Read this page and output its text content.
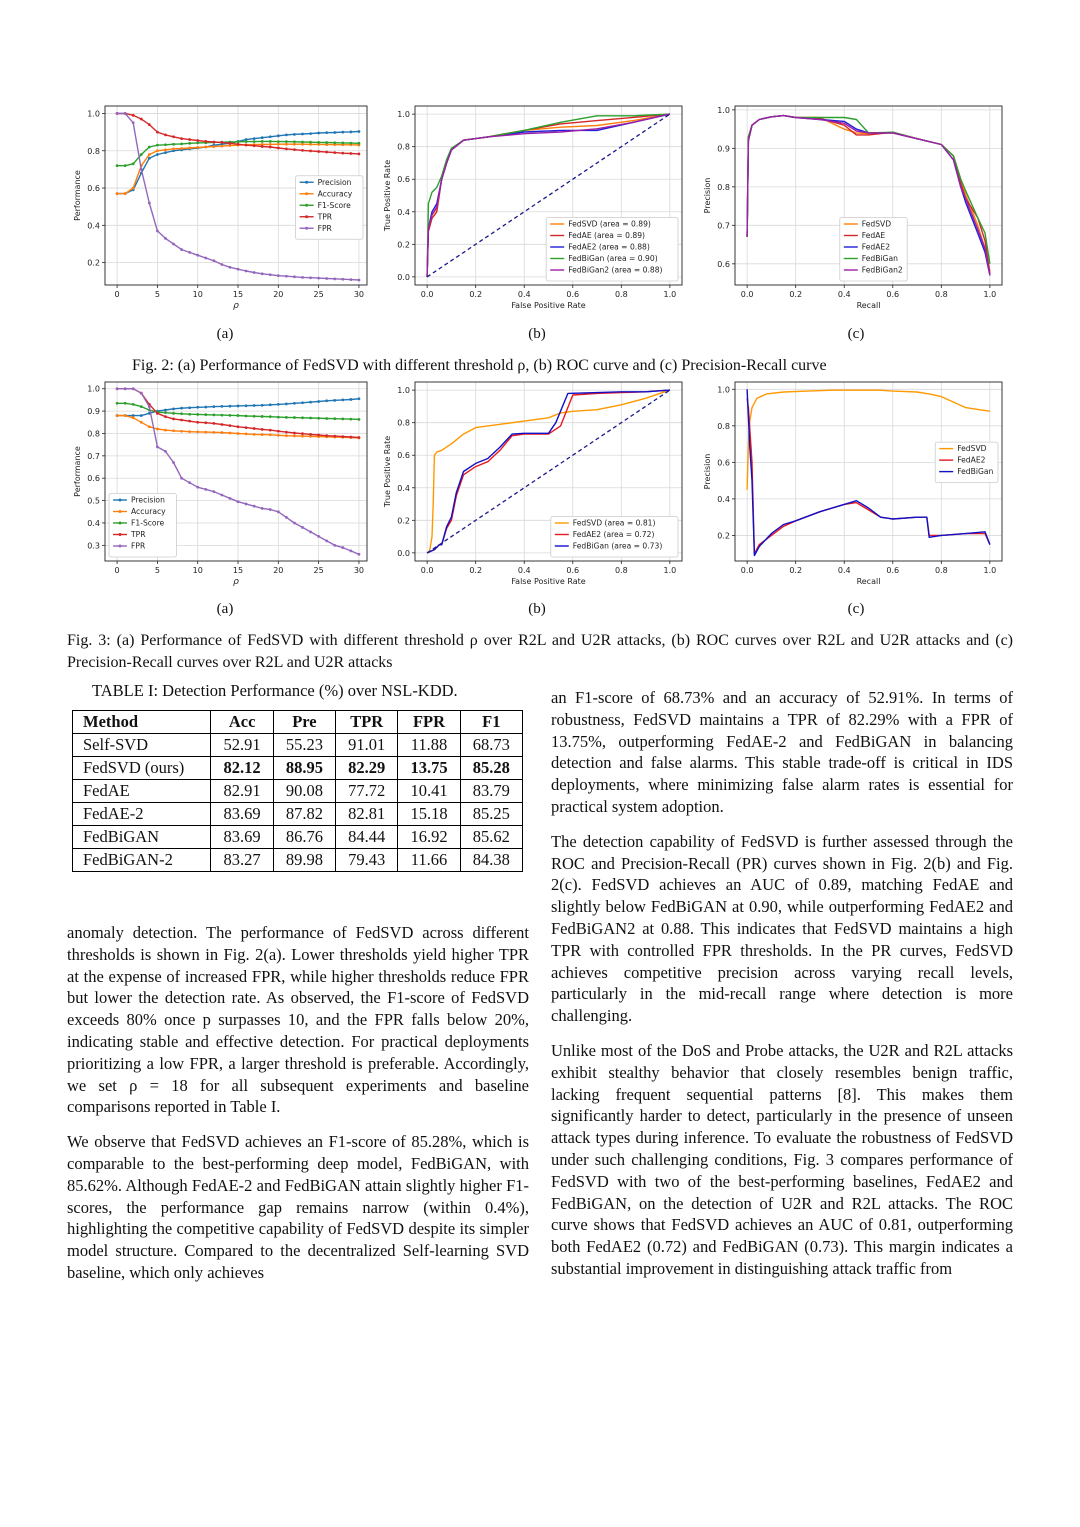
0	5	10	15	20	25	30
0.2
0.4
0.6
0.8
1.0
ρ
Performance	Precision
Accuracy
F1-Score
TPR
FPR
0.0	0.2	0.4	0.6	0.8	1.0
0.0
0.2
0.4
0.6
0.8
1.0
False Positive Rate
True Positive Rate	FedSVD (area = 0.89)
FedAE (area = 0.89)
FedAE2 (area = 0.88)
FedBiGan (area = 0.90)
FedBiGan2 (area = 0.88)
0.0	0.2	0.4	0.6	0.8	1.0
0.6
0.7
0.8
0.9
1.0
Recall
Precision
FedSVD
FedAE
FedAE2
FedBiGan
FedBiGan2
(a)	(b)	(c)
Fig. 2: (a) Performance of FedSVD with different threshold ρ, (b) ROC curve and (c) Precision-Recall curve
0	5	10	15	20	25	30
0.3
0.4
0.5
0.6
0.7
0.8
0.9
1.0
ρ
Performance
Precision
Accuracy
F1-Score
TPR
FPR
0.0	0.2	0.4	0.6	0.8	1.0
0.0
0.2
0.4
0.6
0.8
1.0
False Positive Rate
True Positive Rate
FedSVD (area = 0.81)
FedAE2 (area = 0.72)
FedBiGan (area = 0.73)
0.0	0.2	0.4	0.6	0.8	1.0
0.2
0.4
0.6
0.8
1.0
Recall
Precision
FedSVD
FedAE2
FedBiGan
(a)	(b)	(c)
Fig. 3: (a) Performance of FedSVD with different threshold ρ over R2L and U2R attacks, (b) ROC curves over R2L and U2R attacks and (c) Precision-Recall curves over R2L and U2R attacks
TABLE I: Detection Performance (%) over NSL-KDD.
Method	Acc	Pre	TPR	FPR	F1
Self-SVD	52.91	55.23	91.01	11.88	68.73
FedSVD (ours)	82.12	88.95	82.29	13.75	85.28
FedAE	82.91	90.08	77.72	10.41	83.79
FedAE-2	83.69	87.82	82.81	15.18	85.25
FedBiGAN	83.69	86.76	84.44	16.92	85.62
FedBiGAN-2	83.27	89.98	79.43	11.66	84.38

anomaly detection. The performance of FedSVD across different thresholds is shown in Fig. 2(a). Lower thresholds yield higher TPR at the expense of increased FPR, while higher thresholds reduce FPR but lower the detection rate. As observed, the F1-score of FedSVD exceeds 80% once p surpasses 10, and the FPR falls below 20%, indicating stable and effective detection. For practical deployments prioritizing a low FPR, a larger threshold is preferable. Accordingly, we set ρ = 18 for all subsequent experiments and baseline comparisons reported in Table I.

We observe that FedSVD achieves an F1-score of 85.28%, which is comparable to the best-performing deep model, FedBiGAN, with 85.62%. Although FedAE-2 and FedBiGAN attain slightly higher F1-scores, the performance gap remains narrow (within 0.4%), highlighting the competitive capability of FedSVD despite its simpler model structure. Compared to the decentralized Self-learning SVD baseline, which only achieves

an F1-score of 68.73% and an accuracy of 52.91%. In terms of robustness, FedSVD maintains a TPR of 82.29% with a FPR of 13.75%, outperforming FedAE-2 and FedBiGAN in balancing detection and false alarms. This stable trade-off is critical in IDS deployments, where minimizing false alarm rates is essential for practical system adoption.

The detection capability of FedSVD is further assessed through the ROC and Precision-Recall (PR) curves shown in Fig. 2(b) and Fig. 2(c). FedSVD achieves an AUC of 0.89, matching FedAE and slightly below FedBiGAN at 0.90, while outperforming FedAE2 and FedBiGAN2 at 0.88. This indicates that FedSVD maintains a high TPR with controlled FPR thresholds. In the PR curves, FedSVD achieves competitive precision across varying recall levels, particularly in the mid-recall range where detection is more challenging.

Unlike most of the DoS and Probe attacks, the U2R and R2L attacks exhibit stealthy behavior that closely resembles benign traffic, lacking frequent sequential patterns [8]. This makes them significantly harder to detect, particularly in the presence of unseen attack types during inference. To evaluate the robustness of FedSVD under such challenging conditions, Fig. 3 compares performance of FedSVD with two of the best-performing baselines, FedAE2 and FedBiGAN, on the detection of U2R and R2L attacks. The ROC curve shows that FedSVD achieves an AUC of 0.81, outperforming both FedAE2 (0.72) and FedBiGAN (0.73). This margin indicates a substantial improvement in distinguishing attack traffic from
